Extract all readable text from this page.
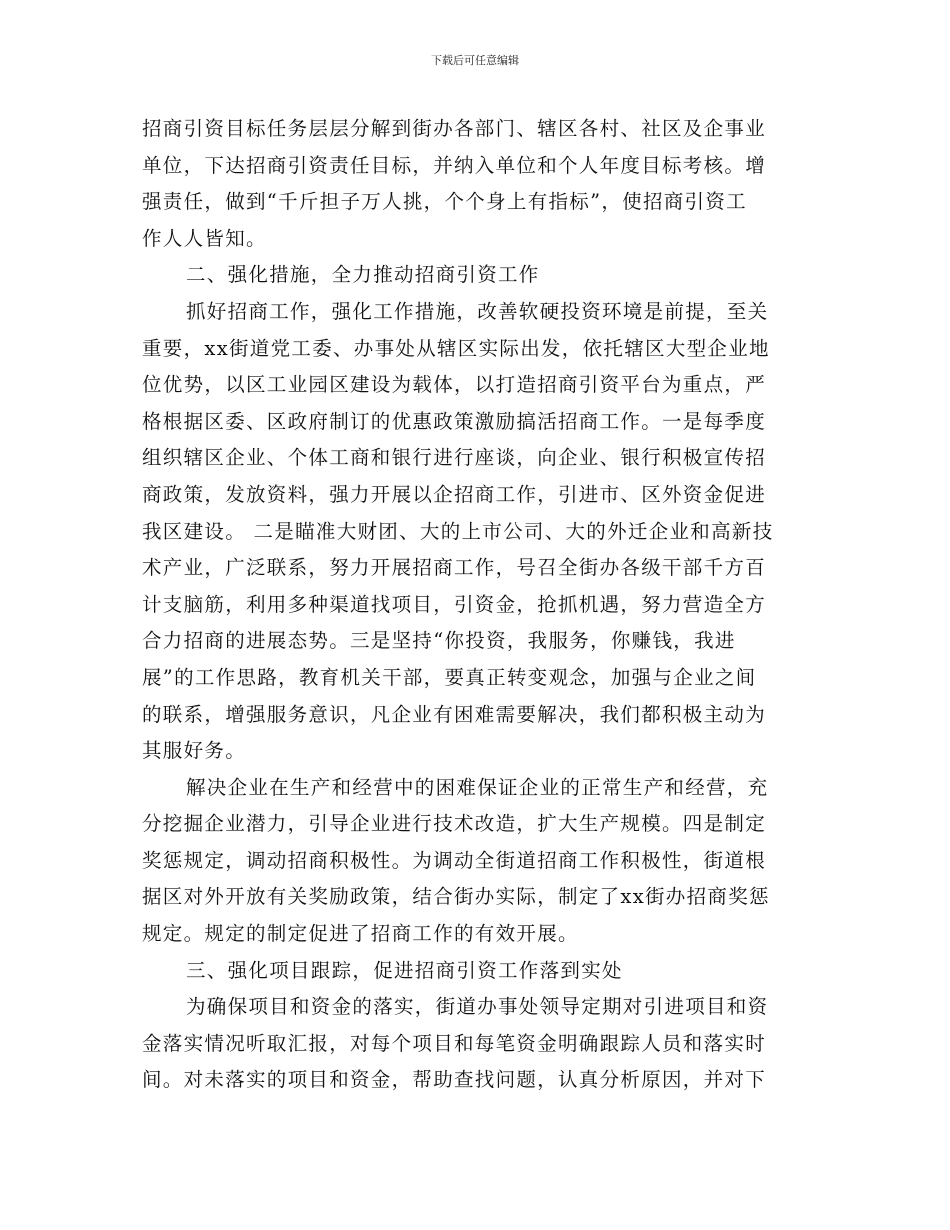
下载后可任意编辑
招商引资目标任务层层分解到街办各部门、辖区各村、社区及企事业
单位，下达招商引资责任目标，并纳入单位和个人年度目标考核。增
强责任，做到“千斤担子万人挑，个个身上有指标”，使招商引资工
作人人皆知。
二、强化措施，全力推动招商引资工作
抓好招商工作，强化工作措施，改善软硬投资环境是前提，至关
重要，xx街道党工委、办事处从辖区实际出发，依托辖区大型企业地
位优势，以区工业园区建设为载体，以打造招商引资平台为重点，严
格根据区委、区政府制订的优惠政策激励搞活招商工作。一是每季度
组织辖区企业、个体工商和银行进行座谈，向企业、银行积极宣传招
商政策，发放资料，强力开展以企招商工作，引进市、区外资金促进
我区建设。 二是瞄准大财团、大的上市公司、大的外迁企业和高新技
术产业，广泛联系，努力开展招商工作，号召全街办各级干部千方百
计支脑筋，利用多种渠道找项目，引资金，抢抓机遇，努力营造全方
合力招商的进展态势。三是坚持“你投资，我服务，你赚钱，我进
展”的工作思路，教育机关干部，要真正转变观念，加强与企业之间
的联系，增强服务意识，凡企业有困难需要解决，我们都积极主动为
其服好务。
解决企业在生产和经营中的困难保证企业的正常生产和经营，充
分挖掘企业潜力，引导企业进行技术改造，扩大生产规模。四是制定
奖惩规定，调动招商积极性。为调动全街道招商工作积极性，街道根
据区对外开放有关奖励政策，结合街办实际，制定了xx街办招商奖惩
规定。规定的制定促进了招商工作的有效开展。
三、强化项目跟踪，促进招商引资工作落到实处
为确保项目和资金的落实，街道办事处领导定期对引进项目和资
金落实情况听取汇报，对每个项目和每笔资金明确跟踪人员和落实时
间。对未落实的项目和资金，帮助查找问题，认真分析原因，并对下
